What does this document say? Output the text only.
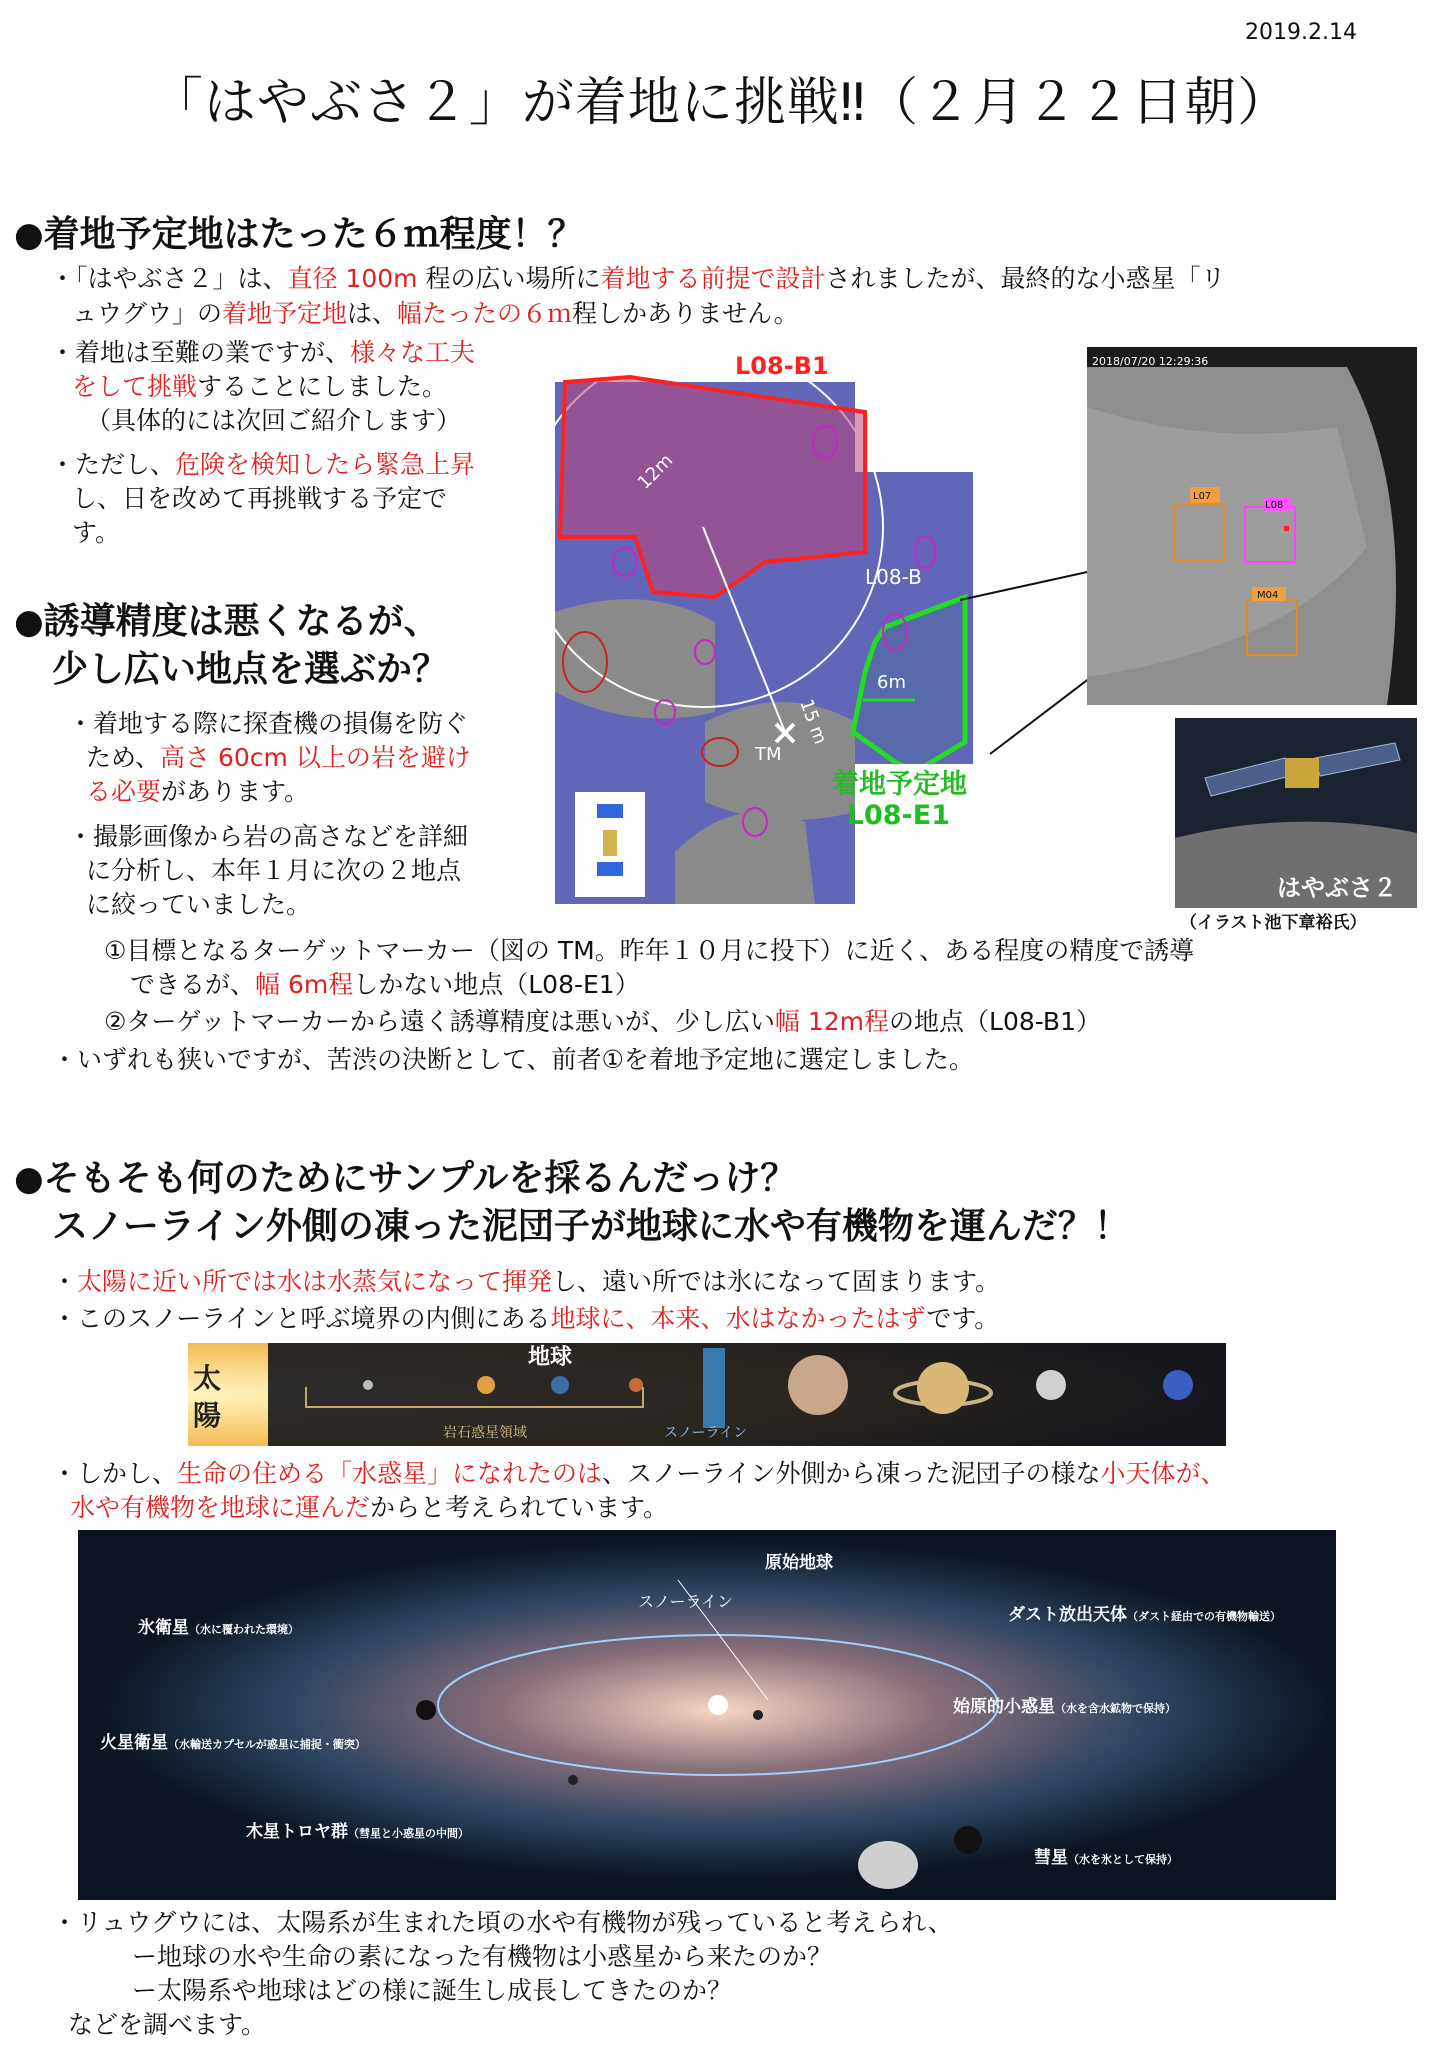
2019.2.14
「はやぶさ２」が着地に挑戦‼（２月２２日朝）
●着地予定地はたった６ｍ程度！？
・「はやぶさ２」は、直径 100m 程の広い場所に着地する前提で設計されましたが、最終的な小惑星「リ
ュウグウ」の着地予定地は、幅たったの６ｍ程しかありません。
・着地は至難の業ですが、様々な工夫
をして挑戦することにしました。
（具体的には次回ご紹介します）
・ただし、危険を検知したら緊急上昇
し、日を改めて再挑戦する予定で
す。
●誘導精度は悪くなるが、
少し広い地点を選ぶか？
・着地する際に探査機の損傷を防ぐ
ため、高さ 60cm 以上の岩を避け
る必要があります。
・撮影画像から岩の高さなどを詳細
に分析し、本年１月に次の２地点
に絞っていました。
①目標となるターゲットマーカー（図の TM。昨年１０月に投下）に近く、ある程度の精度で誘導
できるが、幅 6m程しかない地点（L08-E1）
②ターゲットマーカーから遠く誘導精度は悪いが、少し広い幅 12m程の地点（L08-B1）
・いずれも狭いですが、苦渋の決断として、前者①を着地予定地に選定しました。
L08-B1
L08-B
12m
15 m
6m
TM
着地予定地
L08-E1
2018/07/20 12:29:36
L07
L08
M04
はやぶさ２
（イラスト池下章裕氏）
●そもそも何のためにサンプルを採るんだっけ？
スノーライン外側の凍った泥団子が地球に水や有機物を運んだ？！
・太陽に近い所では水は水蒸気になって揮発し、遠い所では氷になって固まります。
・このスノーラインと呼ぶ境界の内側にある地球に、本来、水はなかったはずです。
太
陽
地球
岩石惑星領域	スノーライン
・しかし、生命の住める「水惑星」になれたのは、スノーライン外側から凍った泥団子の様な小天体が、
水や有機物を地球に運んだからと考えられています。
原始地球
スノーライン
氷衛星（水に覆われた環境）
ダスト放出天体（ダスト経由での有機物輸送）
始原的小惑星（水を含水鉱物で保持）
火星衛星（水輸送カプセルが惑星に捕捉・衝突）
木星トロヤ群（彗星と小惑星の中間）
彗星（水を氷として保持）
・リュウグウには、太陽系が生まれた頃の水や有機物が残っていると考えられ、
ー地球の水や生命の素になった有機物は小惑星から来たのか？
ー太陽系や地球はどの様に誕生し成長してきたのか？
などを調べます。
